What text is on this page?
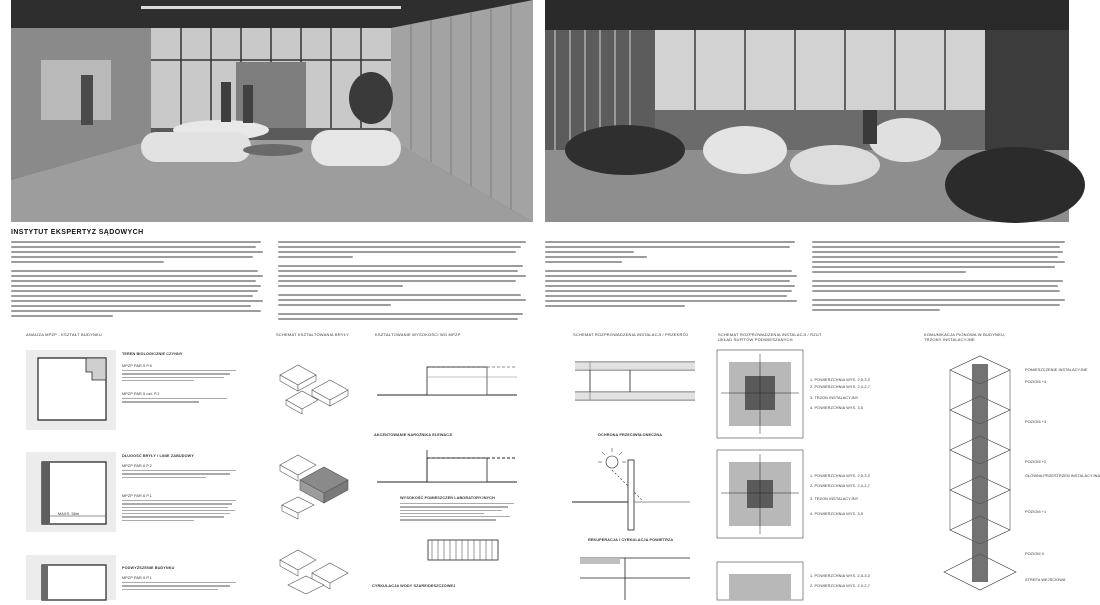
INSTYTUT EKSPERTYZ SĄDOWYCH
ANALIZA MPZP - KSZTAŁT BUDYNKU	SCHEMAT KSZTAŁTOWANIA BRYŁY	KSZTAŁTOWANIE WYSOKOŚCI WG MPZP	SCHEMAT ROZPROWADZENIA INSTALACJI / PRZEKRÓJ	SCHEMAT ROZPROWADZENIA INSTALACJI / RZUT
UKŁAD SUFITÓW PODWIESZANYCH
KOMUNIKACJA PIONOWA W BUDYNKU,
TRZONY INSTALACYJNE
TEREN BIOLOGICZNIE CZYNNY
MPZP PAR.5 P.6
MPZP PAR.5 ust. P.2
MAXS. 58m
DŁUGOŚĆ BRYŁY / LINIE ZABUDOWY
MPZP PAR.6 P.2
MPZP PAR.6 P.1
PODWYŻSZENIE BUDYNKU
MPZP PAR.9 P.1
AKCENTOWANIE NAROŻNIKA ELEWACJI
WYSOKOŚĆ POMIESZCZEŃ LABORATORYJNYCH
CYRKULACJA WODY SZARE/DESZCZOWEJ
OCHRONA PRZECIWSŁONECZNA
REKUPERACJA I CYRKULACJA POWIETRZA
1. POWIERZCHNIA WYS. 2,5-3,0
2. POWIERZCHNIA WYS. 2,0-2,7
3. TRZON INSTALACYJNY
4. POWIERZCHNIA WYS. 3,5
1. POWIERZCHNIA WYS. 2,5-3,0
2. POWIERZCHNIA WYS. 2,0-2,7
3. TRZON INSTALACYJNY
4. POWIERZCHNIA WYS. 3,5
1. POWIERZCHNIA WYS. 2,5-3,0
2. POWIERZCHNIA WYS. 2,0-2,7
POMIESZCZENIE INSTALACYJNE
POZIOM +4
POZIOM +3
POZIOM +2
GŁÓWNA PRZESTRZEŃ INSTALACYJNA
POZIOM +1
POZIOM 0
STREFA WEJŚCIOWA
